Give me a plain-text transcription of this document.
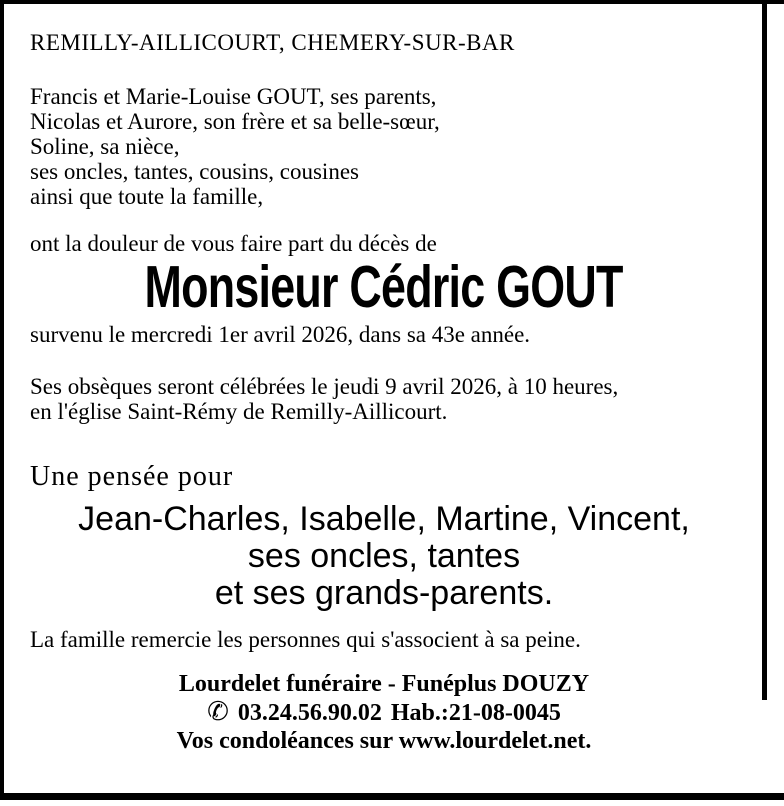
REMILLY-AILLICOURT, CHEMERY-SUR-BAR
Francis et Marie-Louise GOUT, ses parents,
Nicolas et Aurore, son frère et sa belle-sœur,
Soline, sa nièce,
ses oncles, tantes, cousins, cousines
ainsi que toute la famille,
ont la douleur de vous faire part du décès de
Monsieur Cédric GOUT
survenu le mercredi 1er avril 2026, dans sa 43e année.
Ses obsèques seront célébrées le jeudi 9 avril 2026, à 10 heures,
en l'église Saint-Rémy de Remilly-Aillicourt.
Une pensée pour
Jean-Charles, Isabelle, Martine, Vincent,
ses oncles, tantes
et ses grands-parents.
La famille remercie les personnes qui s'associent à sa peine.
Lourdelet funéraire - Funéplus DOUZY
✆ 03.24.56.90.02 Hab.:21-08-0045
Vos condoléances sur www.lourdelet.net.
